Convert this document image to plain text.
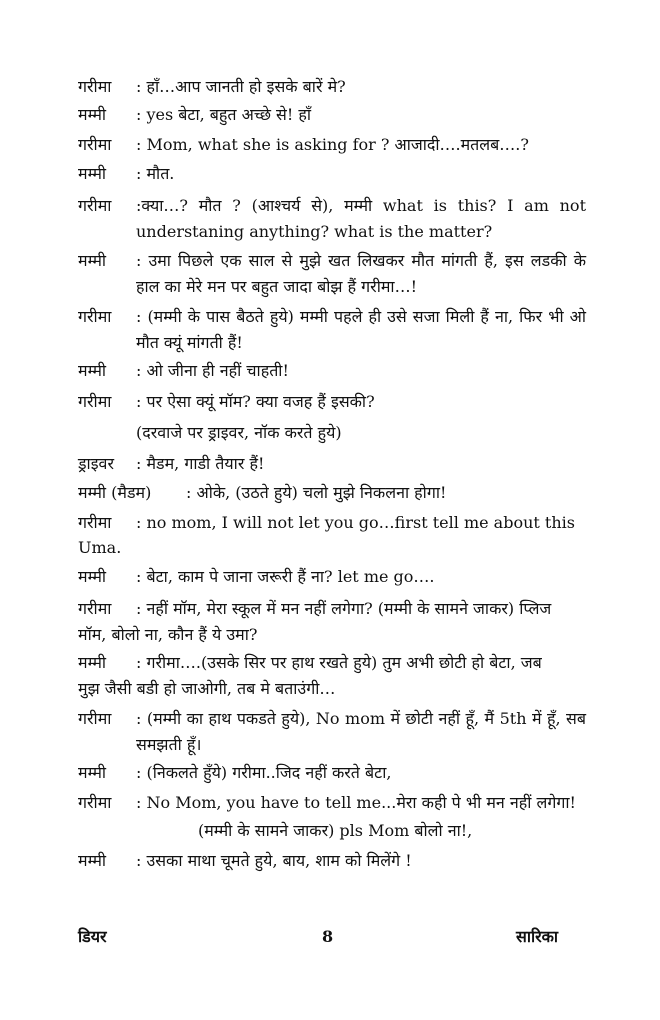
गरीमा	: हाँ…आप जानती हो इसके बारें मे?
मम्मी	: yes बेटा, बहुत अच्छे से! हाँ
गरीमा	: Mom, what she is asking for ? आजादी….मतलब….?
मम्मी	: मौत.
गरीमा	:क्या…? मौत ? (आश्चर्य से), मम्मी what is this? I am not understaning anything? what is the matter?
मम्मी	: उमा पिछले एक साल से मुझे खत लिखकर मौत मांगती हैं, इस लडकी के हाल का मेरे मन पर बहुत जादा बोझ हैं गरीमा…!
गरीमा	: (मम्मी के पास बैठते हुये) मम्मी पहले ही उसे सजा मिली हैं ना, फिर भी ओ मौत क्यूं मांगती हैं!
मम्मी	: ओ जीना ही नहीं चाहती!
गरीमा	: पर ऐसा क्यूं मॉम? क्या वजह हैं इसकी?
(दरवाजे पर ड्राइवर, नॉक करते हुये)
ड्राइवर	: मैडम, गाडी तैयार हैं!
मम्मी (मैडम) : ओके, (उठते हुये) चलो मुझे निकलना होगा!
गरीमा	: no mom, I will not let you go…first tell me about this
Uma.
मम्मी	: बेटा, काम पे जाना जरूरी हैं ना? let me go….
गरीमा	: नहीं मॉम, मेरा स्कूल में मन नहीं लगेगा? (मम्मी के सामने जाकर) प्लिज
मॉम, बोलो ना, कौन हैं ये उमा?
मम्मी	: गरीमा….(उसके सिर पर हाथ रखते हुये) तुम अभी छोटी हो बेटा, जब
मुझ जैसी बडी हो जाओगी, तब मे बताउंगी…
गरीमा	: (मम्मी का हाथ पकडते हुये), No mom में छोटी नहीं हूँ, मैं 5th में हूँ, सब समझती हूँ।
मम्मी	: (निकलते हुँये) गरीमा..जिद नहीं करते बेटा,
गरीमा	: No Mom, you have to tell me...मेरा कही पे भी मन नहीं लगेगा!
(मम्मी के सामने जाकर) pls Mom बोलो ना!,
मम्मी	: उसका माथा चूमते हुये, बाय, शाम को मिलेंगे !
डियर	8	सारिका
